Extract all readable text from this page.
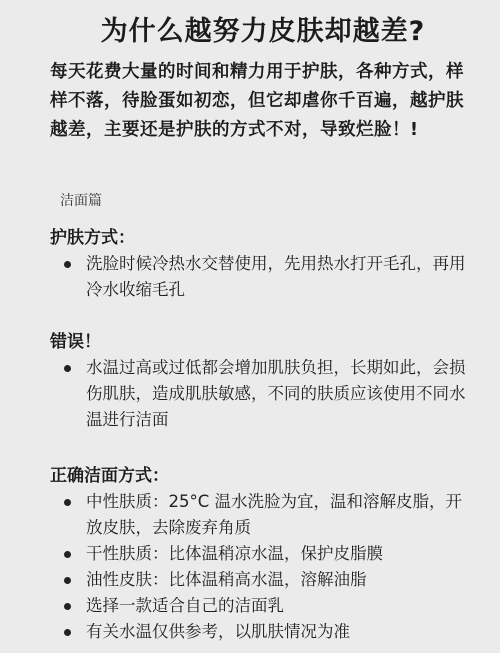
为什么越努力皮肤却越差?

每天花费大量的时间和精力用于护肤，各种方式，样样不落，待脸蛋如初恋，但它却虐你千百遍，越护肤越差，主要还是护肤的方式不对，导致烂脸！!

洁面篇
护肤方式：
洗脸时候冷热水交替使用，先用热水打开毛孔，再用冷水收缩毛孔
错误！
水温过高或过低都会增加肌肤负担，长期如此，会损伤肌肤，造成肌肤敏感，不同的肤质应该使用不同水温进行洁面
正确洁面方式：
中性肤质：25°C 温水洗脸为宜，温和溶解皮脂，开放皮肤，去除废弃角质
干性肤质：比体温稍凉水温，保护皮脂膜
油性皮肤：比体温稍高水温，溶解油脂
选择一款适合自己的洁面乳
有关水温仅供参考，以肌肤情况为准
